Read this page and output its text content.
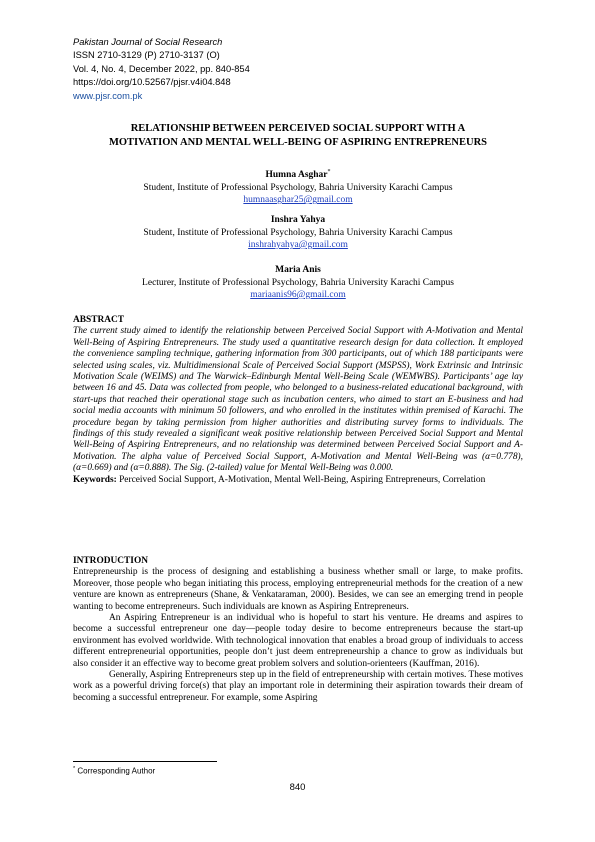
Pakistan Journal of Social Research
ISSN 2710-3129 (P) 2710-3137 (O)
Vol. 4, No. 4, December 2022, pp. 840-854
https://doi.org/10.52567/pjsr.v4i04.848
www.pjsr.com.pk
RELATIONSHIP BETWEEN PERCEIVED SOCIAL SUPPORT WITH A
MOTIVATION AND MENTAL WELL-BEING OF ASPIRING ENTREPRENEURS
Humna Asghar*
Student, Institute of Professional Psychology, Bahria University Karachi Campus
humnaasghar25@gmail.com
Inshra Yahya
Student, Institute of Professional Psychology, Bahria University Karachi Campus
inshrahyahya@gmail.com
Maria Anis
Lecturer, Institute of Professional Psychology, Bahria University Karachi Campus
mariaanis96@gmail.com
ABSTRACT

The current study aimed to identify the relationship between Perceived Social Support with A-Motivation and Mental Well-Being of Aspiring Entrepreneurs. The study used a quantitative research design for data collection. It employed the convenience sampling technique, gathering information from 300 participants, out of which 188 participants were selected using scales, viz. Multidimensional Scale of Perceived Social Support (MSPSS), Work Extrinsic and Intrinsic Motivation Scale (WEIMS) and The Warwick–Edinburgh Mental Well-Being Scale (WEMWBS). Participants’ age lay between 16 and 45. Data was collected from people, who belonged to a business-related educational background, with start-ups that reached their operational stage such as incubation centers, who aimed to start an E-business and had social media accounts with minimum 50 followers, and who enrolled in the institutes within premised of Karachi. The procedure began by taking permission from higher authorities and distributing survey forms to individuals. The findings of this study revealed a significant weak positive relationship between Perceived Social Support and Mental Well-Being of Aspiring Entrepreneurs, and no relationship was determined between Perceived Social Support and A-Motivation. The alpha value of Perceived Social Support, A-Motivation and Mental Well-Being was (α=0.778), (α=0.669) and (α=0.888). The Sig. (2-tailed) value for Mental Well-Being was 0.000.

Keywords: Perceived Social Support, A-Motivation, Mental Well-Being, Aspiring Entrepreneurs, Correlation

INTRODUCTION

Entrepreneurship is the process of designing and establishing a business whether small or large, to make profits. Moreover, those people who began initiating this process, employing entrepreneurial methods for the creation of a new venture are known as entrepreneurs (Shane, & Venkataraman, 2000). Besides, we can see an emerging trend in people wanting to become entrepreneurs. Such individuals are known as Aspiring Entrepreneurs.

An Aspiring Entrepreneur is an individual who is hopeful to start his venture. He dreams and aspires to become a successful entrepreneur one day—people today desire to become entrepreneurs because the start-up environment has evolved worldwide. With technological innovation that enables a broad group of individuals to access different entrepreneurial opportunities, people don’t just deem entrepreneurship a chance to grow as individuals but also consider it an effective way to become great problem solvers and solution-orienteers (Kauffman, 2016).

Generally, Aspiring Entrepreneurs step up in the field of entrepreneurship with certain motives. These motives work as a powerful driving force(s) that play an important role in determining their aspiration towards their dream of becoming a successful entrepreneur. For example, some Aspiring

* Corresponding Author
840
